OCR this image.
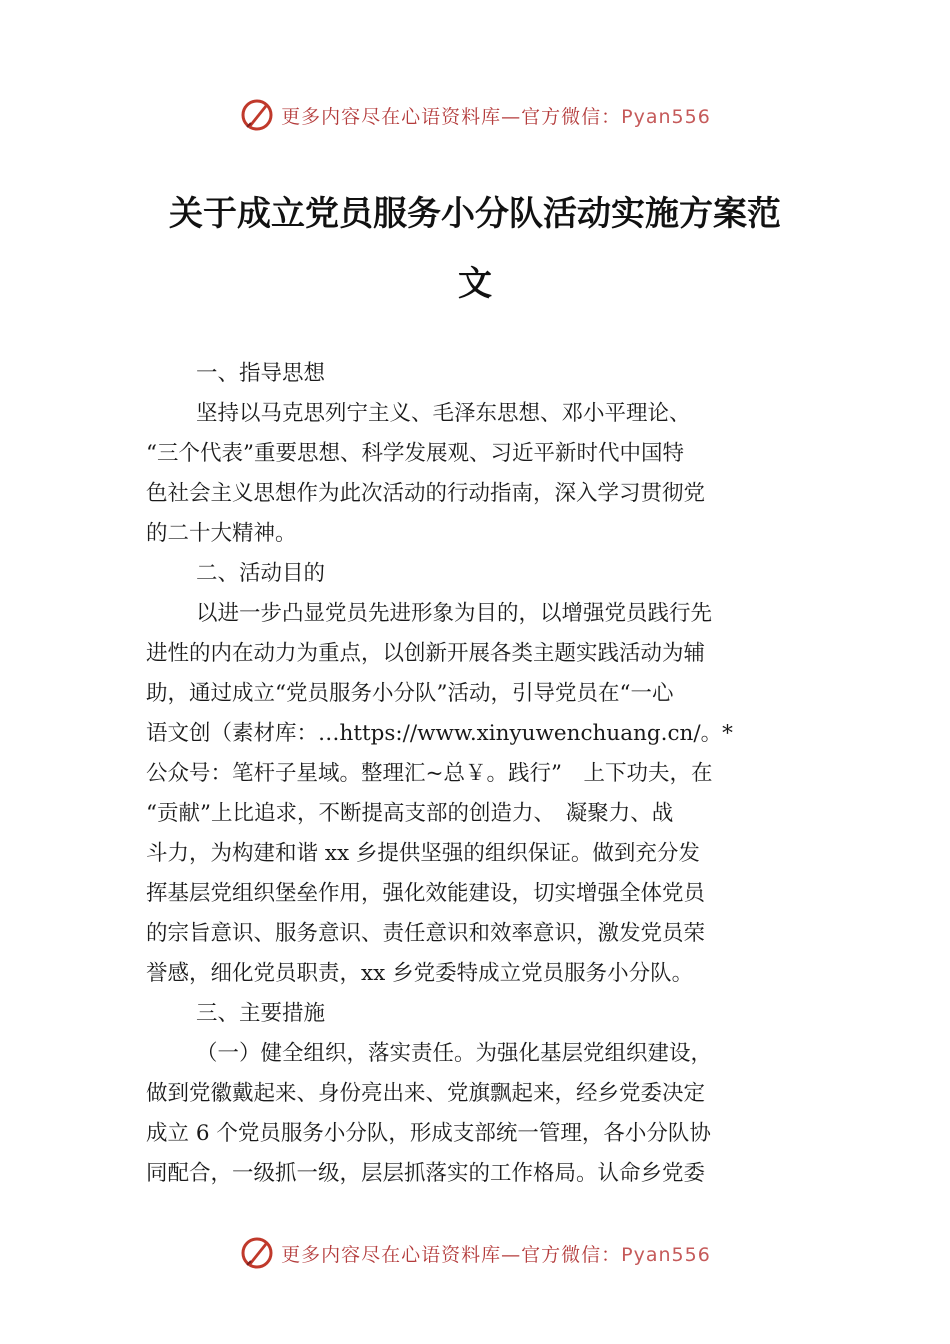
更多内容尽在心语资料库—官方微信：Pyan556
关于成立党员服务小分队活动实施方案范
文
一、指导思想
坚持以马克思列宁主义、毛泽东思想、邓小平理论、
“三个代表”重要思想、科学发展观、习近平新时代中国特
色社会主义思想作为此次活动的行动指南，深入学习贯彻党
的二十大精神。
二、活动目的
以进一步凸显党员先进形象为目的，以增强党员践行先
进性的内在动力为重点，以创新开展各类主题实践活动为辅
助，通过成立“党员服务小分队”活动，引导党员在“一心
语文创（素材库：…https://www.xinyuwenchuang.cn/。*
公众号：笔杆子星域。整理汇~总￥。践行”　上下功夫，在
“贡献”上比追求，不断提高支部的创造力、　凝聚力、战
斗力，为构建和谐 xx 乡提供坚强的组织保证。做到充分发
挥基层党组织堡垒作用，强化效能建设，切实增强全体党员
的宗旨意识、服务意识、责任意识和效率意识，激发党员荣
誉感，细化党员职责，xx 乡党委特成立党员服务小分队。
三、主要措施
（一）健全组织，落实责任。为强化基层党组织建设，
做到党徽戴起来、身份亮出来、党旗飘起来，经乡党委决定
成立 6 个党员服务小分队，形成支部统一管理，各小分队协
同配合，一级抓一级，层层抓落实的工作格局。认命乡党委
更多内容尽在心语资料库—官方微信：Pyan556
